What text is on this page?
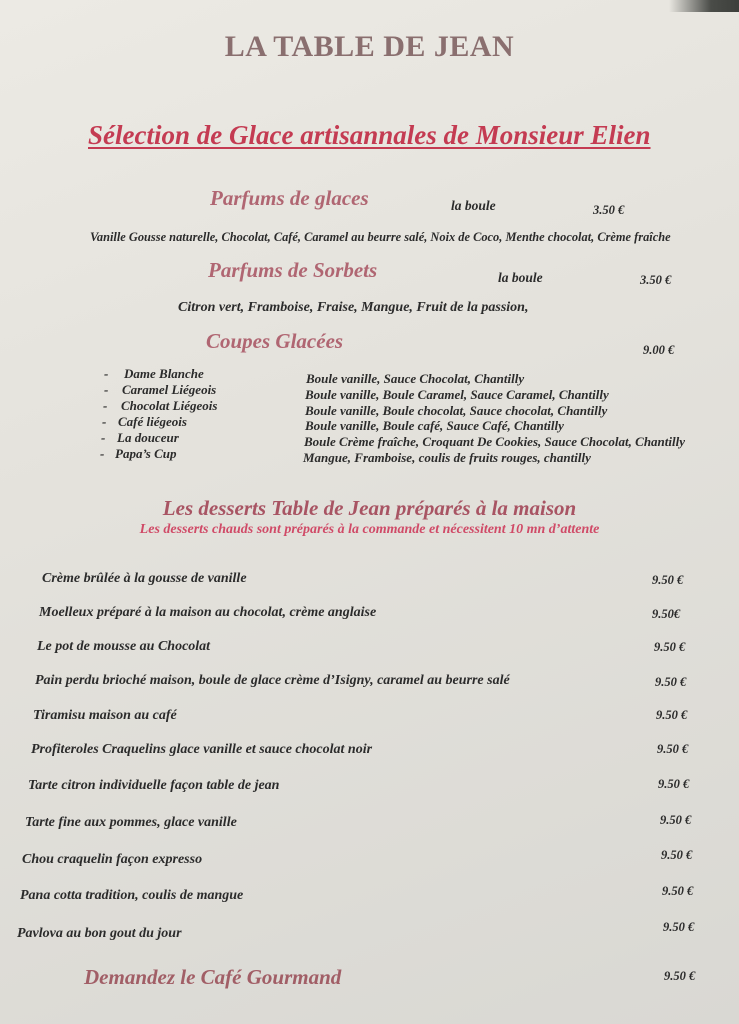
LA TABLE DE JEAN
Sélection de Glace artisannales de Monsieur Elien
Parfums de glaces	la boule	3.50 €
Vanille Gousse naturelle, Chocolat, Café, Caramel au beurre salé, Noix de Coco, Menthe chocolat, Crème fraîche
Parfums de Sorbets	la boule	3.50 €
Citron vert, Framboise, Fraise, Mangue, Fruit de la passion,
Coupes Glacées	9.00 €
- Dame Blanche	Boule vanille, Sauce Chocolat, Chantilly
- Caramel Liégeois	Boule vanille, Boule Caramel, Sauce Caramel, Chantilly
- Chocolat Liégeois	Boule vanille, Boule chocolat, Sauce chocolat, Chantilly
- Café liégeois	Boule vanille, Boule café, Sauce Café, Chantilly
- La douceur	Boule Crème fraîche, Croquant De Cookies, Sauce Chocolat, Chantilly
- Papa’s Cup	Mangue, Framboise, coulis de fruits rouges, chantilly
Les desserts Table de Jean préparés à la maison
Les desserts chauds sont préparés à la commande et nécessitent 10 mn d’attente
Crème brûlée à la gousse de vanille	9.50 €
Moelleux préparé à la maison au chocolat, crème anglaise	9.50€
Le pot de mousse au Chocolat	9.50 €
Pain perdu brioché maison, boule de glace crème d’Isigny, caramel au beurre salé	9.50 €
Tiramisu maison au café	9.50 €
Profiteroles Craquelins glace vanille et sauce chocolat noir	9.50 €
Tarte citron individuelle façon table de jean	9.50 €
Tarte fine aux pommes, glace vanille	9.50 €
Chou craquelin façon expresso	9.50 €
Pana cotta tradition, coulis de mangue	9.50 €
Pavlova au bon gout du jour	9.50 €
Demandez le Café Gourmand	9.50 €
